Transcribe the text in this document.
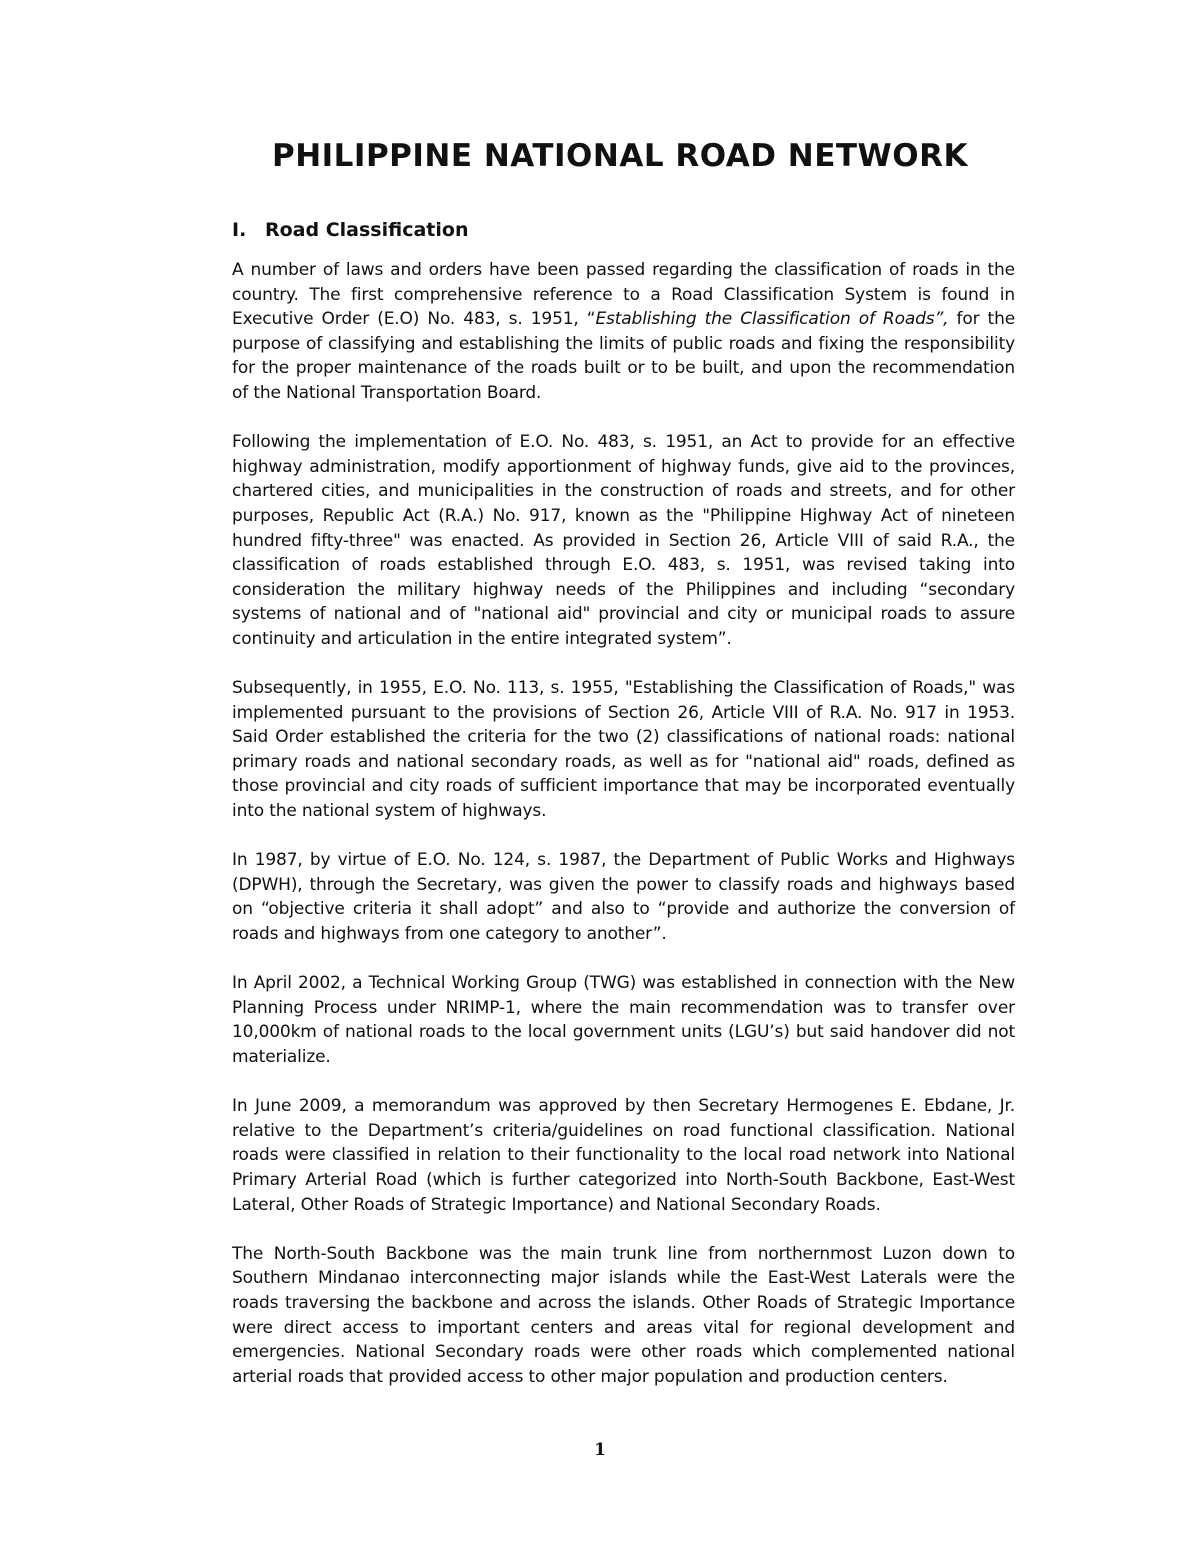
PHILIPPINE NATIONAL ROAD NETWORK
I. Road Classification

A number of laws and orders have been passed regarding the classification of roads in the country. The first comprehensive reference to a Road Classification System is found in Executive Order (E.O) No. 483, s. 1951, “Establishing the Classification of Roads”, for the purpose of classifying and establishing the limits of public roads and fixing the responsibility for the proper maintenance of the roads built or to be built, and upon the recommendation of the National Transportation Board.

Following the implementation of E.O. No. 483, s. 1951, an Act to provide for an effective highway administration, modify apportionment of highway funds, give aid to the provinces, chartered cities, and municipalities in the construction of roads and streets, and for other purposes, Republic Act (R.A.) No. 917, known as the "Philippine Highway Act of nineteen hundred fifty-three" was enacted. As provided in Section 26, Article VIII of said R.A., the classification of roads established through E.O. 483, s. 1951, was revised taking into consideration the military highway needs of the Philippines and including “secondary systems of national and of "national aid" provincial and city or municipal roads to assure continuity and articulation in the entire integrated system”.

Subsequently, in 1955, E.O. No. 113, s. 1955, "Establishing the Classification of Roads," was implemented pursuant to the provisions of Section 26, Article VIII of R.A. No. 917 in 1953. Said Order established the criteria for the two (2) classifications of national roads: national primary roads and national secondary roads, as well as for "national aid" roads, defined as those provincial and city roads of sufficient importance that may be incorporated eventually into the national system of highways.

In 1987, by virtue of E.O. No. 124, s. 1987, the Department of Public Works and Highways (DPWH), through the Secretary, was given the power to classify roads and highways based on “objective criteria it shall adopt” and also to “provide and authorize the conversion of roads and highways from one category to another”.

In April 2002, a Technical Working Group (TWG) was established in connection with the New Planning Process under NRIMP-1, where the main recommendation was to transfer over 10,000km of national roads to the local government units (LGU’s) but said handover did not materialize.

In June 2009, a memorandum was approved by then Secretary Hermogenes E. Ebdane, Jr. relative to the Department’s criteria/guidelines on road functional classification. National roads were classified in relation to their functionality to the local road network into National Primary Arterial Road (which is further categorized into North-South Backbone, East-West Lateral, Other Roads of Strategic Importance) and National Secondary Roads.

The North-South Backbone was the main trunk line from northernmost Luzon down to Southern Mindanao interconnecting major islands while the East-West Laterals were the roads traversing the backbone and across the islands. Other Roads of Strategic Importance were direct access to important centers and areas vital for regional development and emergencies. National Secondary roads were other roads which complemented national arterial roads that provided access to other major population and production centers.

1
